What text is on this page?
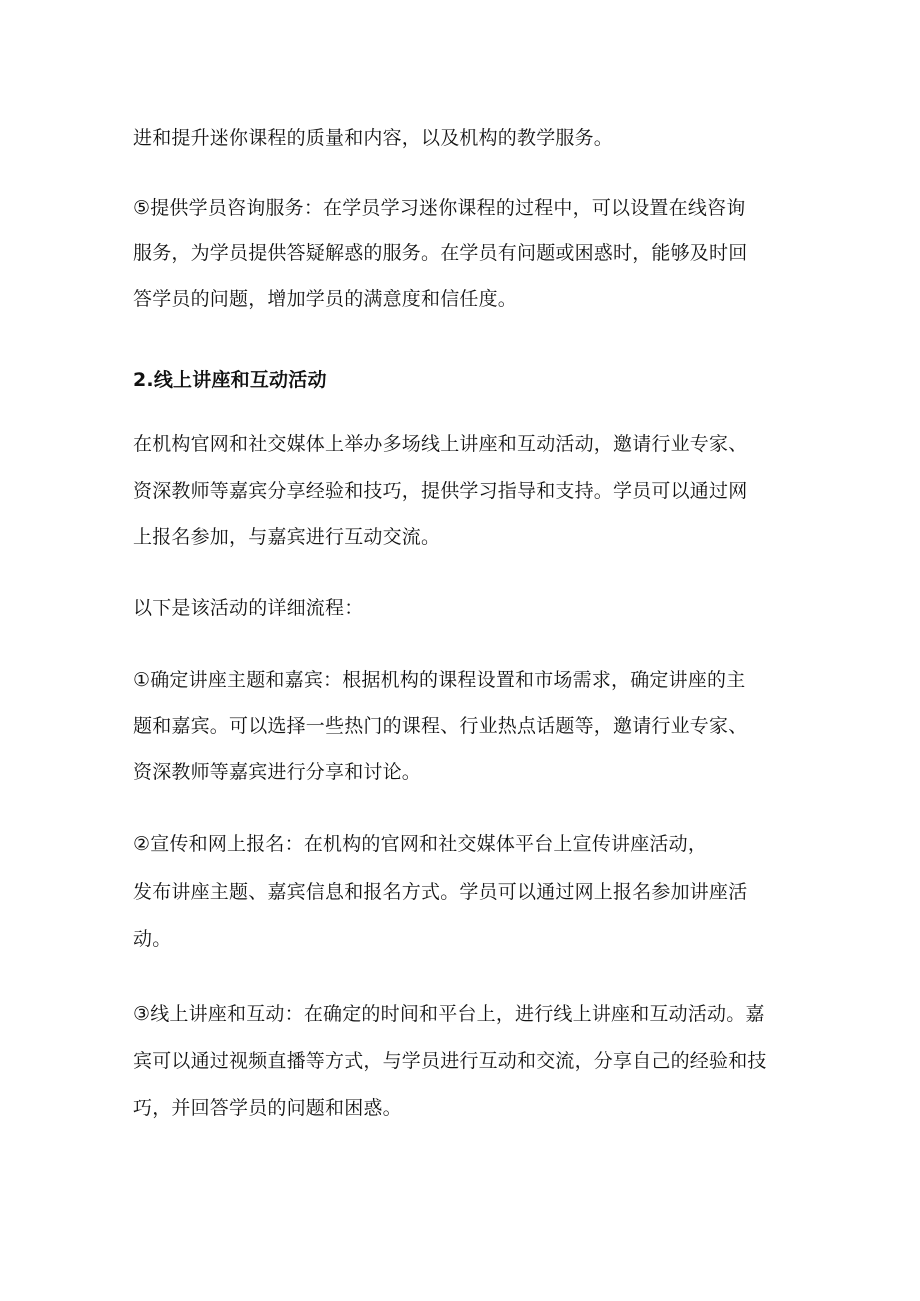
进和提升迷你课程的质量和内容，以及机构的教学服务。
⑤提供学员咨询服务：在学员学习迷你课程的过程中，可以设置在线咨询
服务，为学员提供答疑解惑的服务。在学员有问题或困惑时，能够及时回
答学员的问题，增加学员的满意度和信任度。
2.线上讲座和互动活动
在机构官网和社交媒体上举办多场线上讲座和互动活动，邀请行业专家、
资深教师等嘉宾分享经验和技巧，提供学习指导和支持。学员可以通过网
上报名参加，与嘉宾进行互动交流。
以下是该活动的详细流程：
①确定讲座主题和嘉宾：根据机构的课程设置和市场需求，确定讲座的主
题和嘉宾。可以选择一些热门的课程、行业热点话题等，邀请行业专家、
资深教师等嘉宾进行分享和讨论。
②宣传和网上报名：在机构的官网和社交媒体平台上宣传讲座活动，
发布讲座主题、嘉宾信息和报名方式。学员可以通过网上报名参加讲座活
动。
③线上讲座和互动：在确定的时间和平台上，进行线上讲座和互动活动。嘉
宾可以通过视频直播等方式，与学员进行互动和交流，分享自己的经验和技
巧，并回答学员的问题和困惑。
